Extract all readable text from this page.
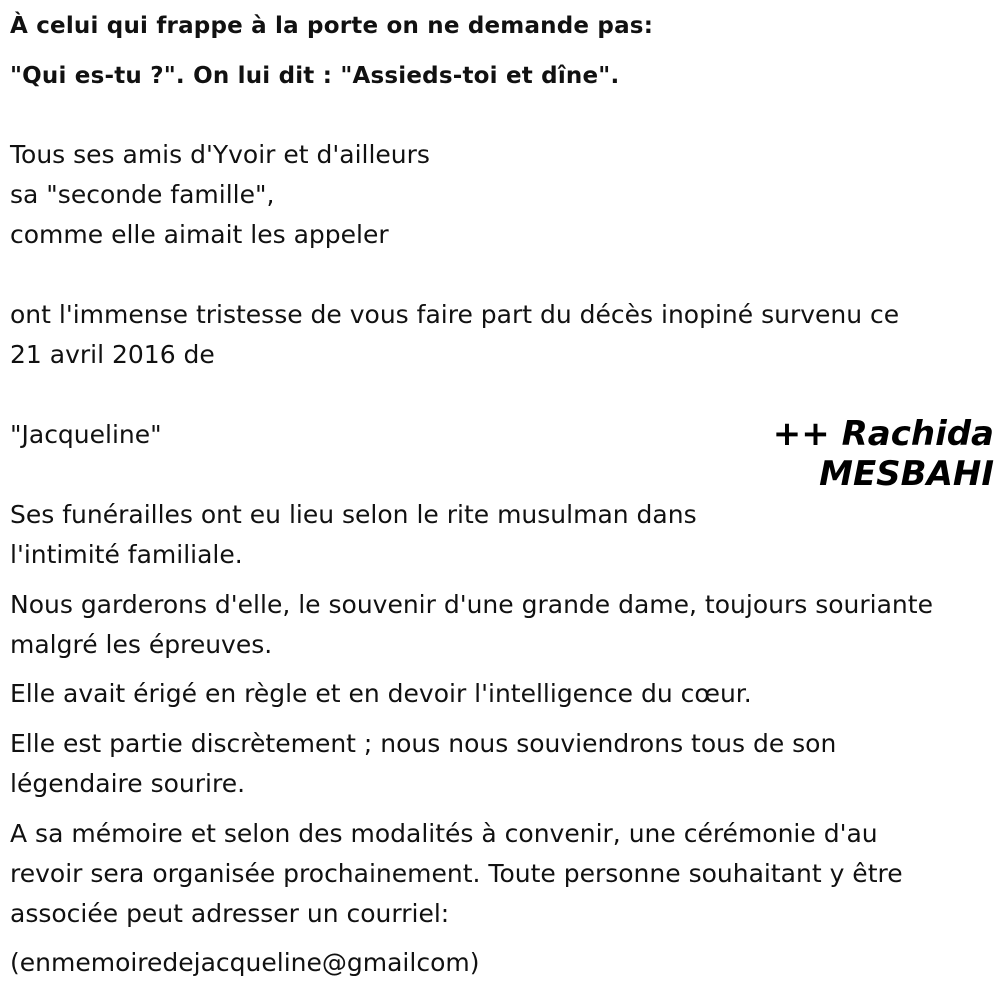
À celui qui frappe à la porte on ne demande pas:
"Qui es-tu ?". On lui dit : "Assieds-toi et dîne".
Tous ses amis d'Yvoir et d'ailleurs
sa "seconde famille",
comme elle aimait les appeler
ont l'immense tristesse de vous faire part du décès inopiné survenu ce
21 avril 2016 de
"Jacqueline"
Ses funérailles ont eu lieu selon le rite musulman dans
l'intimité familiale.
Nous garderons d'elle, le souvenir d'une grande dame, toujours souriante
malgré les épreuves.
Elle avait érigé en règle et en devoir l'intelligence du cœur.
Elle est partie discrètement ; nous nous souviendrons tous de son
légendaire sourire.
A sa mémoire et selon des modalités à convenir, une cérémonie d'au
revoir sera organisée prochainement. Toute personne souhaitant y être
associée peut adresser un courriel:
(enmemoiredejacqueline@gmailcom)
++ Rachida
MESBAHI
